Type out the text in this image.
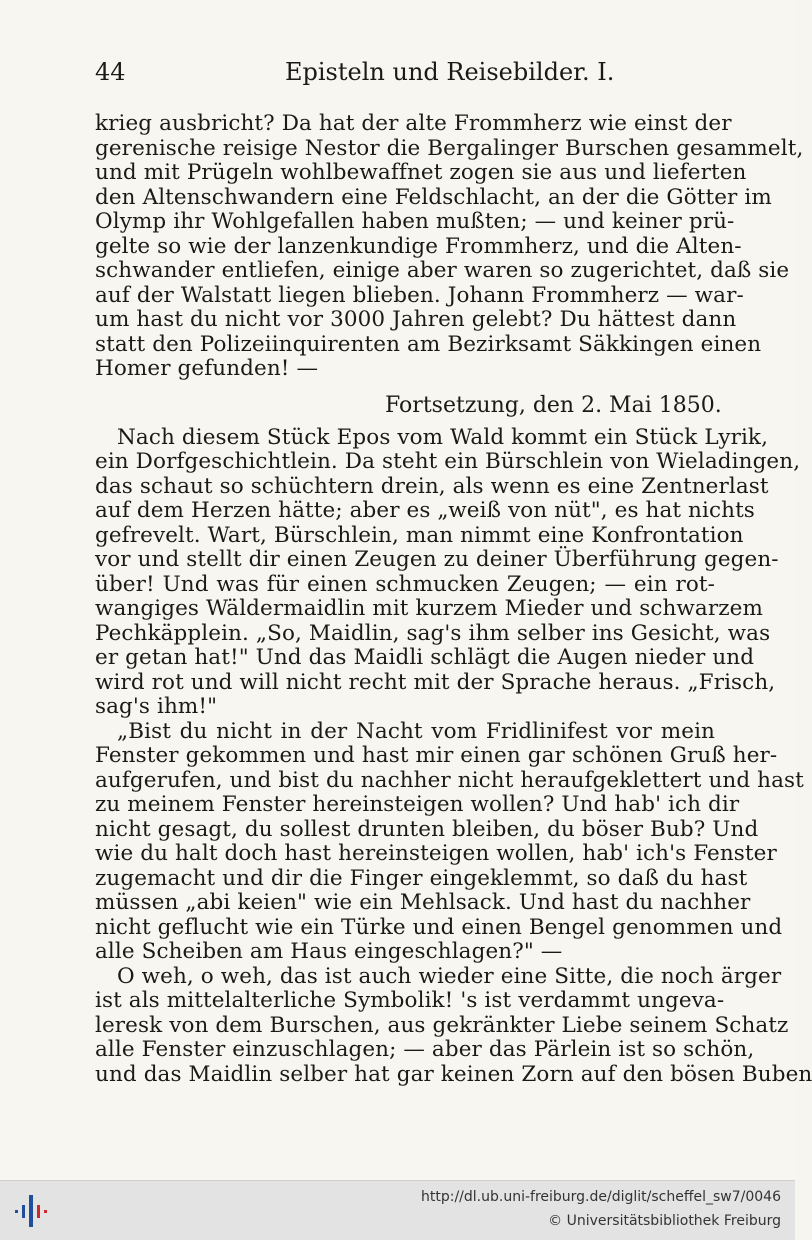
44	Episteln und Reisebilder. I.
krieg ausbricht? Da hat der alte Frommherz wie einst der
gerenische reisige Nestor die Bergalinger Burschen gesammelt,
und mit Prügeln wohlbewaffnet zogen sie aus und lieferten
den Altenschwandern eine Feldschlacht, an der die Götter im
Olymp ihr Wohlgefallen haben mußten; — und keiner prü-
gelte so wie der lanzenkundige Frommherz, und die Alten-
schwander entliefen, einige aber waren so zugerichtet, daß sie
auf der Walstatt liegen blieben. Johann Frommherz — war-
um hast du nicht vor 3000 Jahren gelebt? Du hättest dann
statt den Polizeiinquirenten am Bezirksamt Säkkingen einen
Homer gefunden! —
Fortsetzung, den 2. Mai 1850.
Nach diesem Stück Epos vom Wald kommt ein Stück Lyrik,
ein Dorfgeschichtlein. Da steht ein Bürschlein von Wieladingen,
das schaut so schüchtern drein, als wenn es eine Zentnerlast
auf dem Herzen hätte; aber es „weiß von nüt", es hat nichts
gefrevelt. Wart, Bürschlein, man nimmt eine Konfrontation
vor und stellt dir einen Zeugen zu deiner Überführung gegen-
über! Und was für einen schmucken Zeugen; — ein rot-
wangiges Wäldermaidlin mit kurzem Mieder und schwarzem
Pechkäpplein. „So, Maidlin, sag's ihm selber ins Gesicht, was
er getan hat!" Und das Maidli schlägt die Augen nieder und
wird rot und will nicht recht mit der Sprache heraus. „Frisch,
sag's ihm!"
„Bist du nicht in der Nacht vom Fridlinifest vor mein
Fenster gekommen und hast mir einen gar schönen Gruß her-
aufgerufen, und bist du nachher nicht heraufgeklettert und hast
zu meinem Fenster hereinsteigen wollen? Und hab' ich dir
nicht gesagt, du sollest drunten bleiben, du böser Bub? Und
wie du halt doch hast hereinsteigen wollen, hab' ich's Fenster
zugemacht und dir die Finger eingeklemmt, so daß du hast
müssen „abi keien" wie ein Mehlsack. Und hast du nachher
nicht geflucht wie ein Türke und einen Bengel genommen und
alle Scheiben am Haus eingeschlagen?" —
O weh, o weh, das ist auch wieder eine Sitte, die noch ärger
ist als mittelalterliche Symbolik! 's ist verdammt ungeva-
leresk von dem Burschen, aus gekränkter Liebe seinem Schatz
alle Fenster einzuschlagen; — aber das Pärlein ist so schön,
und das Maidlin selber hat gar keinen Zorn auf den bösen Buben
http://dl.ub.uni-freiburg.de/diglit/scheffel_sw7/0046
© Universitätsbibliothek Freiburg
